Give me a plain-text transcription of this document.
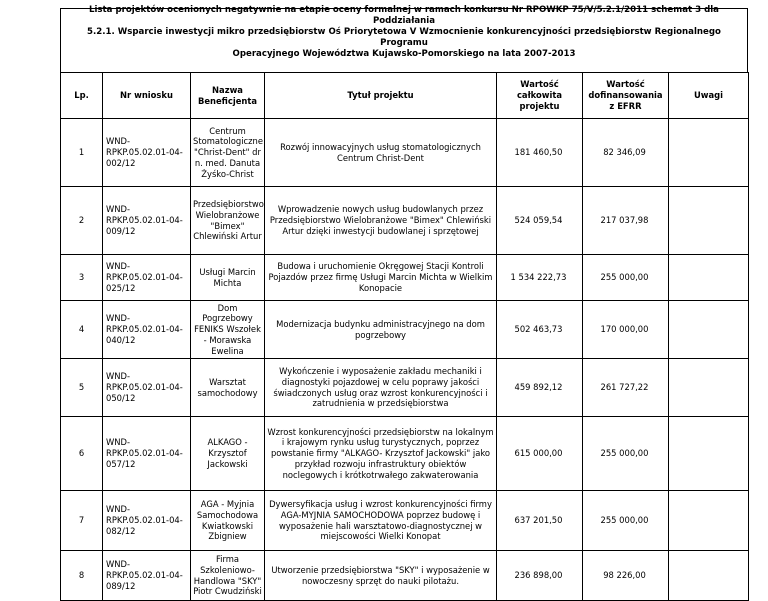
Lista projektów ocenionych negatywnie na etapie oceny formalnej w ramach konkursu Nr RPOWKP 75/V/5.2.1/2011 schemat 3 dla Poddziałania
5.2.1. Wsparcie inwestycji mikro przedsiębiorstw Oś Priorytetowa V Wzmocnienie konkurencyjności przedsiębiorstw Regionalnego Programu
Operacyjnego Województwa Kujawsko-Pomorskiego na lata 2007-2013
Lp.	Nr wniosku	Nazwa Beneficjenta	Tytuł projektu	Wartość całkowita projektu	Wartość dofinansowania z EFRR	Uwagi
1	WND-RPKP.05.02.01-04-002/12	Centrum Stomatologiczne "Christ-Dent" dr n. med. Danuta Żyśko-Christ	Rozwój innowacyjnych usług stomatologicznych Centrum Christ-Dent	181 460,50	82 346,09	
2	WND-RPKP.05.02.01-04-009/12	Przedsiębiorstwo Wielobranżowe "Bimex" Chlewiński Artur	Wprowadzenie nowych usług budowlanych przez Przedsiębiorstwo Wielobranżowe "Bimex" Chlewiński Artur dzięki inwestycji budowlanej i sprzętowej	524 059,54	217 037,98	
3	WND-RPKP.05.02.01-04-025/12	Usługi Marcin Michta	Budowa i uruchomienie Okręgowej Stacji Kontroli Pojazdów przez firmę Usługi Marcin Michta w Wielkim Konopacie	1 534 222,73	255 000,00	
4	WND-RPKP.05.02.01-04-040/12	Dom Pogrzebowy FENIKS Wszołek - Morawska Ewelina	Modernizacja budynku administracyjnego na dom pogrzebowy	502 463,73	170 000,00	
5	WND-RPKP.05.02.01-04-050/12	Warsztat samochodowy	Wykończenie i wyposażenie zakładu mechaniki i diagnostyki pojazdowej w celu poprawy jakości świadczonych usług oraz wzrost konkurencyjności i zatrudnienia w przedsiębiorstwa	459 892,12	261 727,22	
6	WND-RPKP.05.02.01-04-057/12	ALKAGO - Krzysztof Jackowski	Wzrost konkurencyjności przedsiębiorstw na lokalnym i krajowym rynku usług turystycznych, poprzez powstanie firmy "ALKAGO- Krzysztof Jackowski" jako przykład rozwoju infrastruktury obiektów noclegowych i krótkotrwałego zakwaterowania	615 000,00	255 000,00	
7	WND-RPKP.05.02.01-04-082/12	AGA - Myjnia Samochodowa Kwiatkowski Zbigniew	Dywersyfikacja usług i wzrost konkurencyjności firmy AGA-MYJNIA SAMOCHODOWA poprzez budowę i wyposażenie hali warsztatowo-diagnostycznej w miejscowości Wielki Konopat	637 201,50	255 000,00	
8	WND-RPKP.05.02.01-04-089/12	Firma Szkoleniowo-Handlowa "SKY" Piotr Cwudziński	Utworzenie przedsiębiorstwa "SKY" i wyposażenie w nowoczesny sprzęt do nauki pilotażu.	236 898,00	98 226,00	
